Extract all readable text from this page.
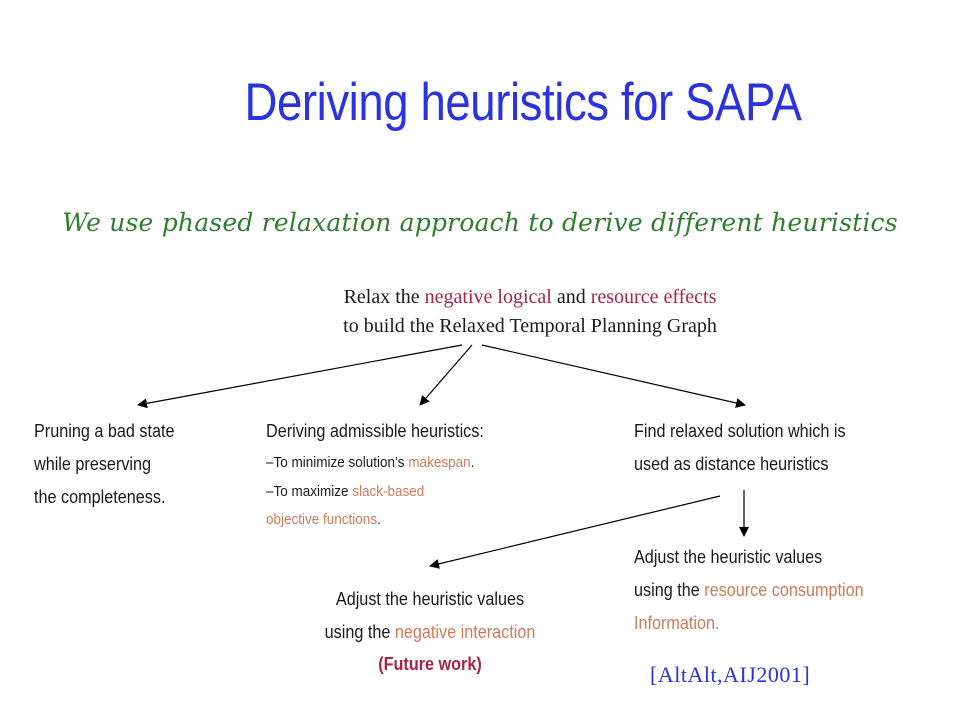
Deriving heuristics for SAPA
We use phased relaxation approach to derive different heuristics
Relax the negative logical and resource effects
to build the Relaxed Temporal Planning Graph
Pruning a bad state
while preserving
the completeness.
Deriving admissible heuristics:
–To minimize solution’s makespan.
–To maximize slack-based
objective functions.
Find relaxed solution which is
used as distance heuristics
Adjust the heuristic values
using the negative interaction
(Future work)
Adjust the heuristic values
using the resource consumption
Information.
[AltAlt,AIJ2001]
